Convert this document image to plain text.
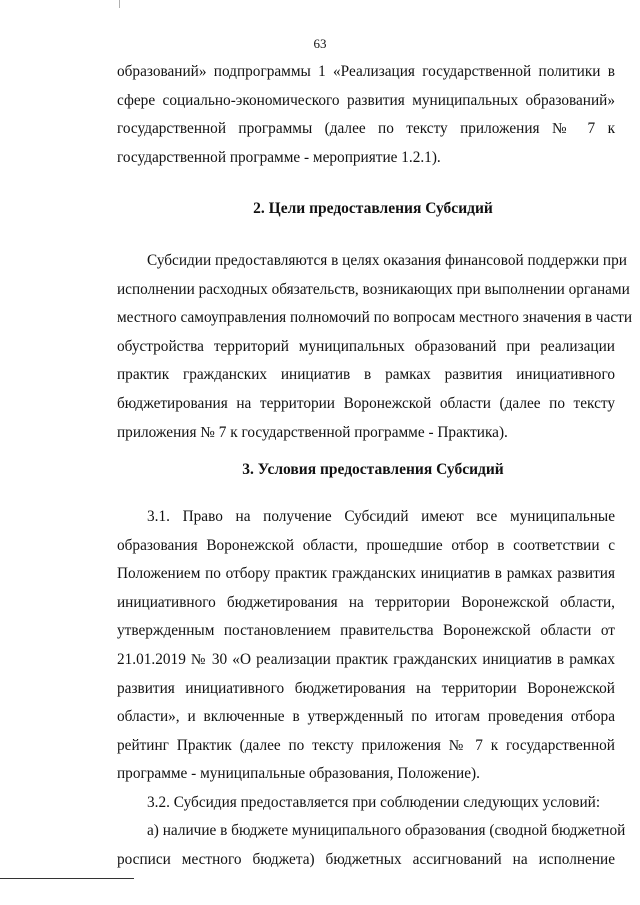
63
образований» подпрограммы 1 «Реализация государственной политики в
сфере социально-экономического развития муниципальных образований»
государственной программы (далее по тексту приложения № 7 к
государственной программе - мероприятие 1.2.1).
2. Цели предоставления Субсидий
Субсидии предоставляются в целях оказания финансовой поддержки при
исполнении расходных обязательств, возникающих при выполнении органами
местного самоуправления полномочий по вопросам местного значения в части
обустройства территорий муниципальных образований при реализации
практик гражданских инициатив в рамках развития инициативного
бюджетирования на территории Воронежской области (далее по тексту
приложения № 7 к государственной программе - Практика).
3. Условия предоставления Субсидий
3.1. Право на получение Субсидий имеют все муниципальные
образования Воронежской области, прошедшие отбор в соответствии с
Положением по отбору практик гражданских инициатив в рамках развития
инициативного бюджетирования на территории Воронежской области,
утвержденным постановлением правительства Воронежской области от
21.01.2019 № 30 «О реализации практик гражданских инициатив в рамках
развития инициативного бюджетирования на территории Воронежской
области», и включенные в утвержденный по итогам проведения отбора
рейтинг Практик (далее по тексту приложения № 7 к государственной
программе - муниципальные образования, Положение).
3.2. Субсидия предоставляется при соблюдении следующих условий:
а) наличие в бюджете муниципального образования (сводной бюджетной
росписи местного бюджета) бюджетных ассигнований на исполнение
